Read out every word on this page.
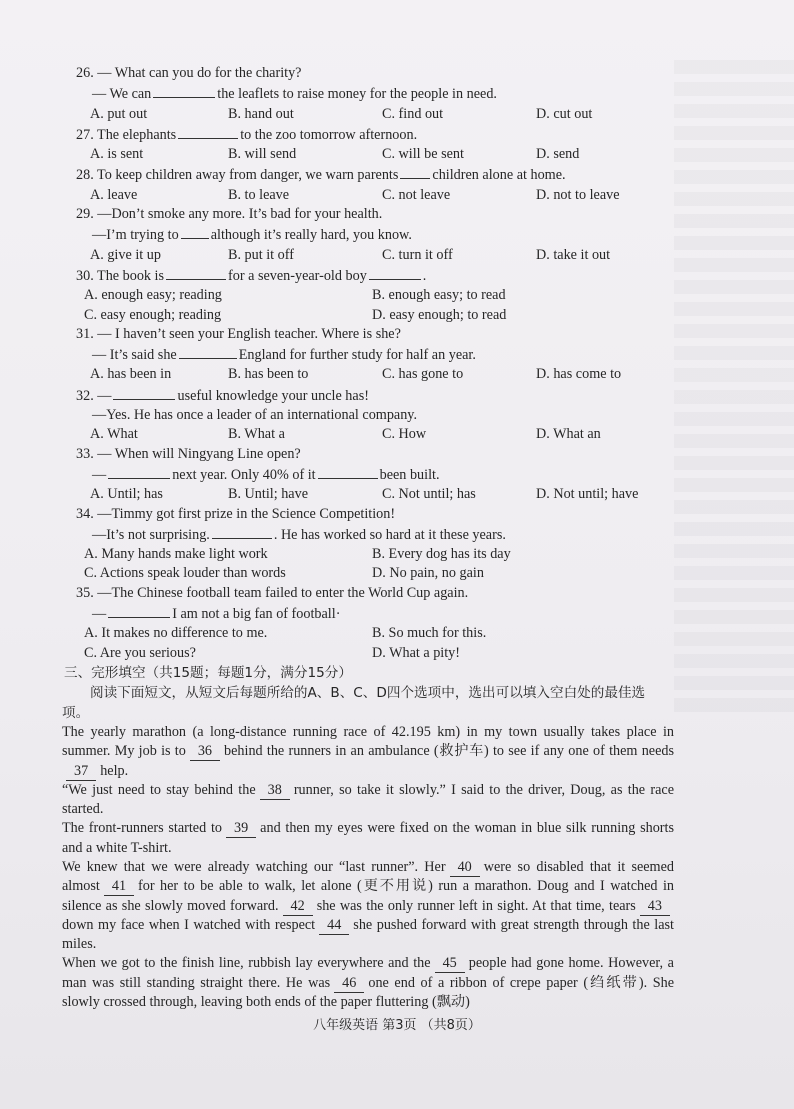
26. — What can you do for the charity?
— We can	the leaflets to raise money for the people in need.
A. put out	B. hand out	C. find out	D. cut out
27. The elephants	to the zoo tomorrow afternoon.
A. is sent	B. will send	C. will be sent	D. send
28. To keep children away from danger, we warn parents children alone at home.
A. leave	B. to leave	C. not leave	D. not to leave
29. —Don’t smoke any more. It’s bad for your health.
—I’m trying to although it’s really hard, you know.
A. give it up	B. put it off	C. turn it off	D. take it out
30. The book is	for a seven-year-old boy	.
A. enough easy; reading	B. enough easy; to read
C. easy enough; reading	D. easy enough; to read
31. — I haven’t seen your English teacher. Where is she?
— It’s said she	England for further study for half an year.
A. has been in	B. has been to	C. has gone to	D. has come to
32. —	useful knowledge your uncle has!
—Yes. He has once a leader of an international company.
A. What	B. What a	C. How	D. What an
33. — When will Ningyang Line open?
—	next year. Only 40% of it	been built.
A. Until; has	B. Until; have	C. Not until; has	D. Not until; have
34. —Timmy got first prize in the Science Competition!
—It’s not surprising.	. He has worked so hard at it these years.
A. Many hands make light work	B. Every dog has its day
C. Actions speak louder than words	D. No pain, no gain
35. —The Chinese football team failed to enter the World Cup again.
—	I am not a big fan of football·
A. It makes no difference to me.	B. So much for this.
C. Are you serious?	D. What a pity!
三、完形填空（共15题；每题1分，满分15分）
阅读下面短文，从短文后每题所给的A、B、C、D四个选项中，选出可以填入空白处的最佳选项。
The yearly marathon (a long-distance running race of 42.195 km) in my town usually takes place in summer. My job is to 36 behind the runners in an ambulance (救护车) to see if any one of them needs37 help.
“We just need to stay behind the 38 runner, so take it slowly.” I said to the driver, Doug, as the race started.
The front-runners started to 39 and then my eyes were fixed on the woman in blue silk running shorts and a white T-shirt.
We knew that we were already watching our “last runner”. Her 40 were so disabled that it seemed almost 41 for her to be able to walk, let alone (更不用说) run a marathon. Doug and I watched in silence as she slowly moved forward. 42 she was the only runner left in sight. At that time, tears 43down my face when I watched with respect 44 she pushed forward with great strength through the last miles.
When we got to the finish line, rubbish lay everywhere and the 45 people had gone home. However, a man was still standing straight there. He was 46 one end of a ribbon of crepe paper (绉纸带). She slowly crossed through, leaving both ends of the paper fluttering (飘动)
八年级英语 第3页 （共8页）
